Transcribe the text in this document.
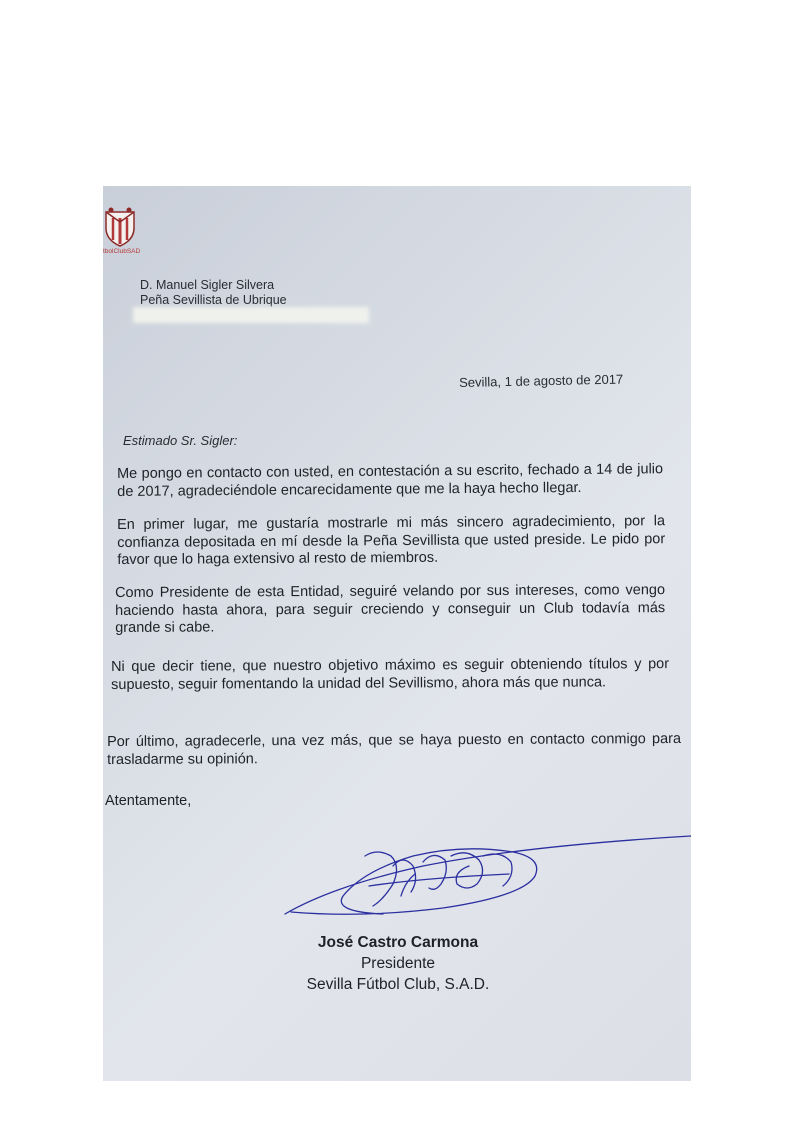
tbolClubSAD
D. Manuel Sigler Silvera
Peña Sevillista de Ubrique
Sevilla, 1 de agosto de 2017
Estimado Sr. Sigler:
Me pongo en contacto con usted, en contestación a su escrito, fechado a 14 de julio de 2017, agradeciéndole encarecidamente que me la haya hecho llegar.
En primer lugar, me gustaría mostrarle mi más sincero agradecimiento, por la confianza depositada en mí desde la Peña Sevillista que usted preside. Le pido por favor que lo haga extensivo al resto de miembros.
Como Presidente de esta Entidad, seguiré velando por sus intereses, como vengo haciendo hasta ahora, para seguir creciendo y conseguir un Club todavía más grande si cabe.
Ni que decir tiene, que nuestro objetivo máximo es seguir obteniendo títulos y por supuesto, seguir fomentando la unidad del Sevillismo, ahora más que nunca.
Por último, agradecerle, una vez más, que se haya puesto en contacto conmigo para trasladarme su opinión.
Atentamente,
José Castro Carmona
Presidente
Sevilla Fútbol Club, S.A.D.
